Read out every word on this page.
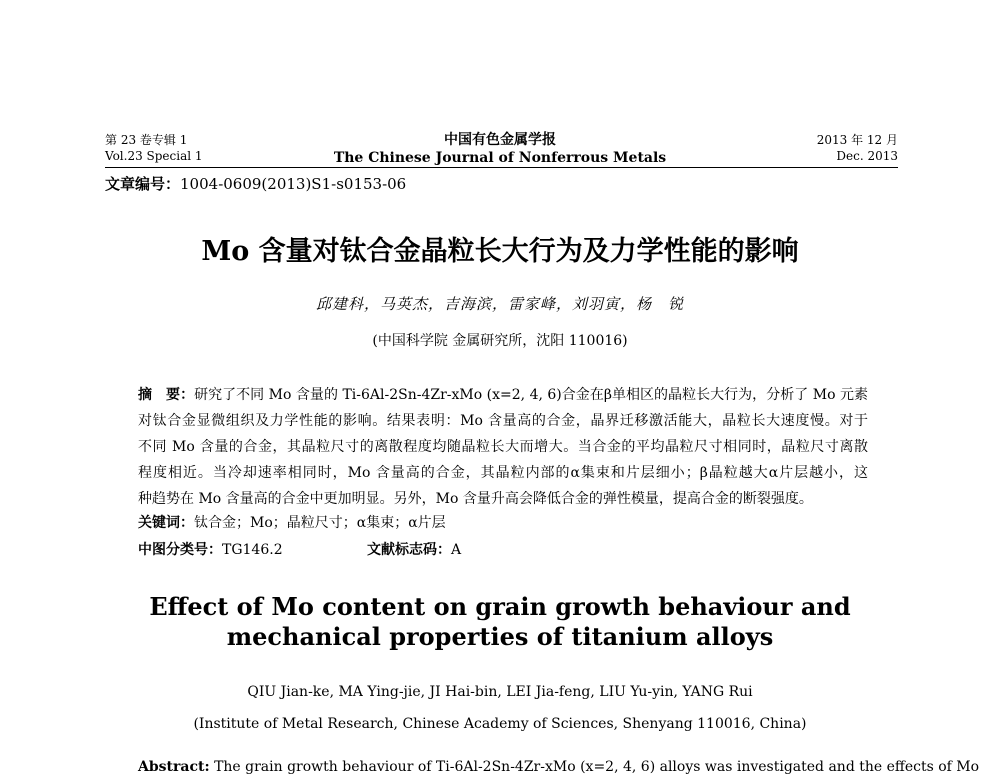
第 23 卷专辑 1
Vol.23 Special 1
中国有色金属学报
The Chinese Journal of Nonferrous Metals
2013 年 12 月
Dec. 2013
文章编号：1004-0609(2013)S1-s0153-06
Mo 含量对钛合金晶粒长大行为及力学性能的影响
邱建科，马英杰，吉海滨，雷家峰，刘羽寅，杨　锐
(中国科学院 金属研究所，沈阳 110016)
摘　要：研究了不同 Mo 含量的 Ti-6Al-2Sn-4Zr-xMo (x=2, 4, 6)合金在β单相区的晶粒长大行为，分析了 Mo 元素
对钛合金显微组织及力学性能的影响。结果表明：Mo 含量高的合金，晶界迁移激活能大，晶粒长大速度慢。对于
不同 Mo 含量的合金，其晶粒尺寸的离散程度均随晶粒长大而增大。当合金的平均晶粒尺寸相同时，晶粒尺寸离散
程度相近。当冷却速率相同时，Mo 含量高的合金，其晶粒内部的α集束和片层细小；β晶粒越大α片层越小，这
种趋势在 Mo 含量高的合金中更加明显。另外，Mo 含量升高会降低合金的弹性模量，提高合金的断裂强度。
关键词：钛合金；Mo；晶粒尺寸；α集束；α片层
中图分类号：TG146.2	文献标志码：A
Effect of Mo content on grain growth behaviour and
mechanical properties of titanium alloys
QIU Jian-ke, MA Ying-jie, JI Hai-bin, LEI Jia-feng, LIU Yu-yin, YANG Rui
(Institute of Metal Research, Chinese Academy of Sciences, Shenyang 110016, China)
Abstract: The grain growth behaviour of Ti-6Al-2Sn-4Zr-xMo (x=2, 4, 6) alloys was investigated and the effects of Mo
